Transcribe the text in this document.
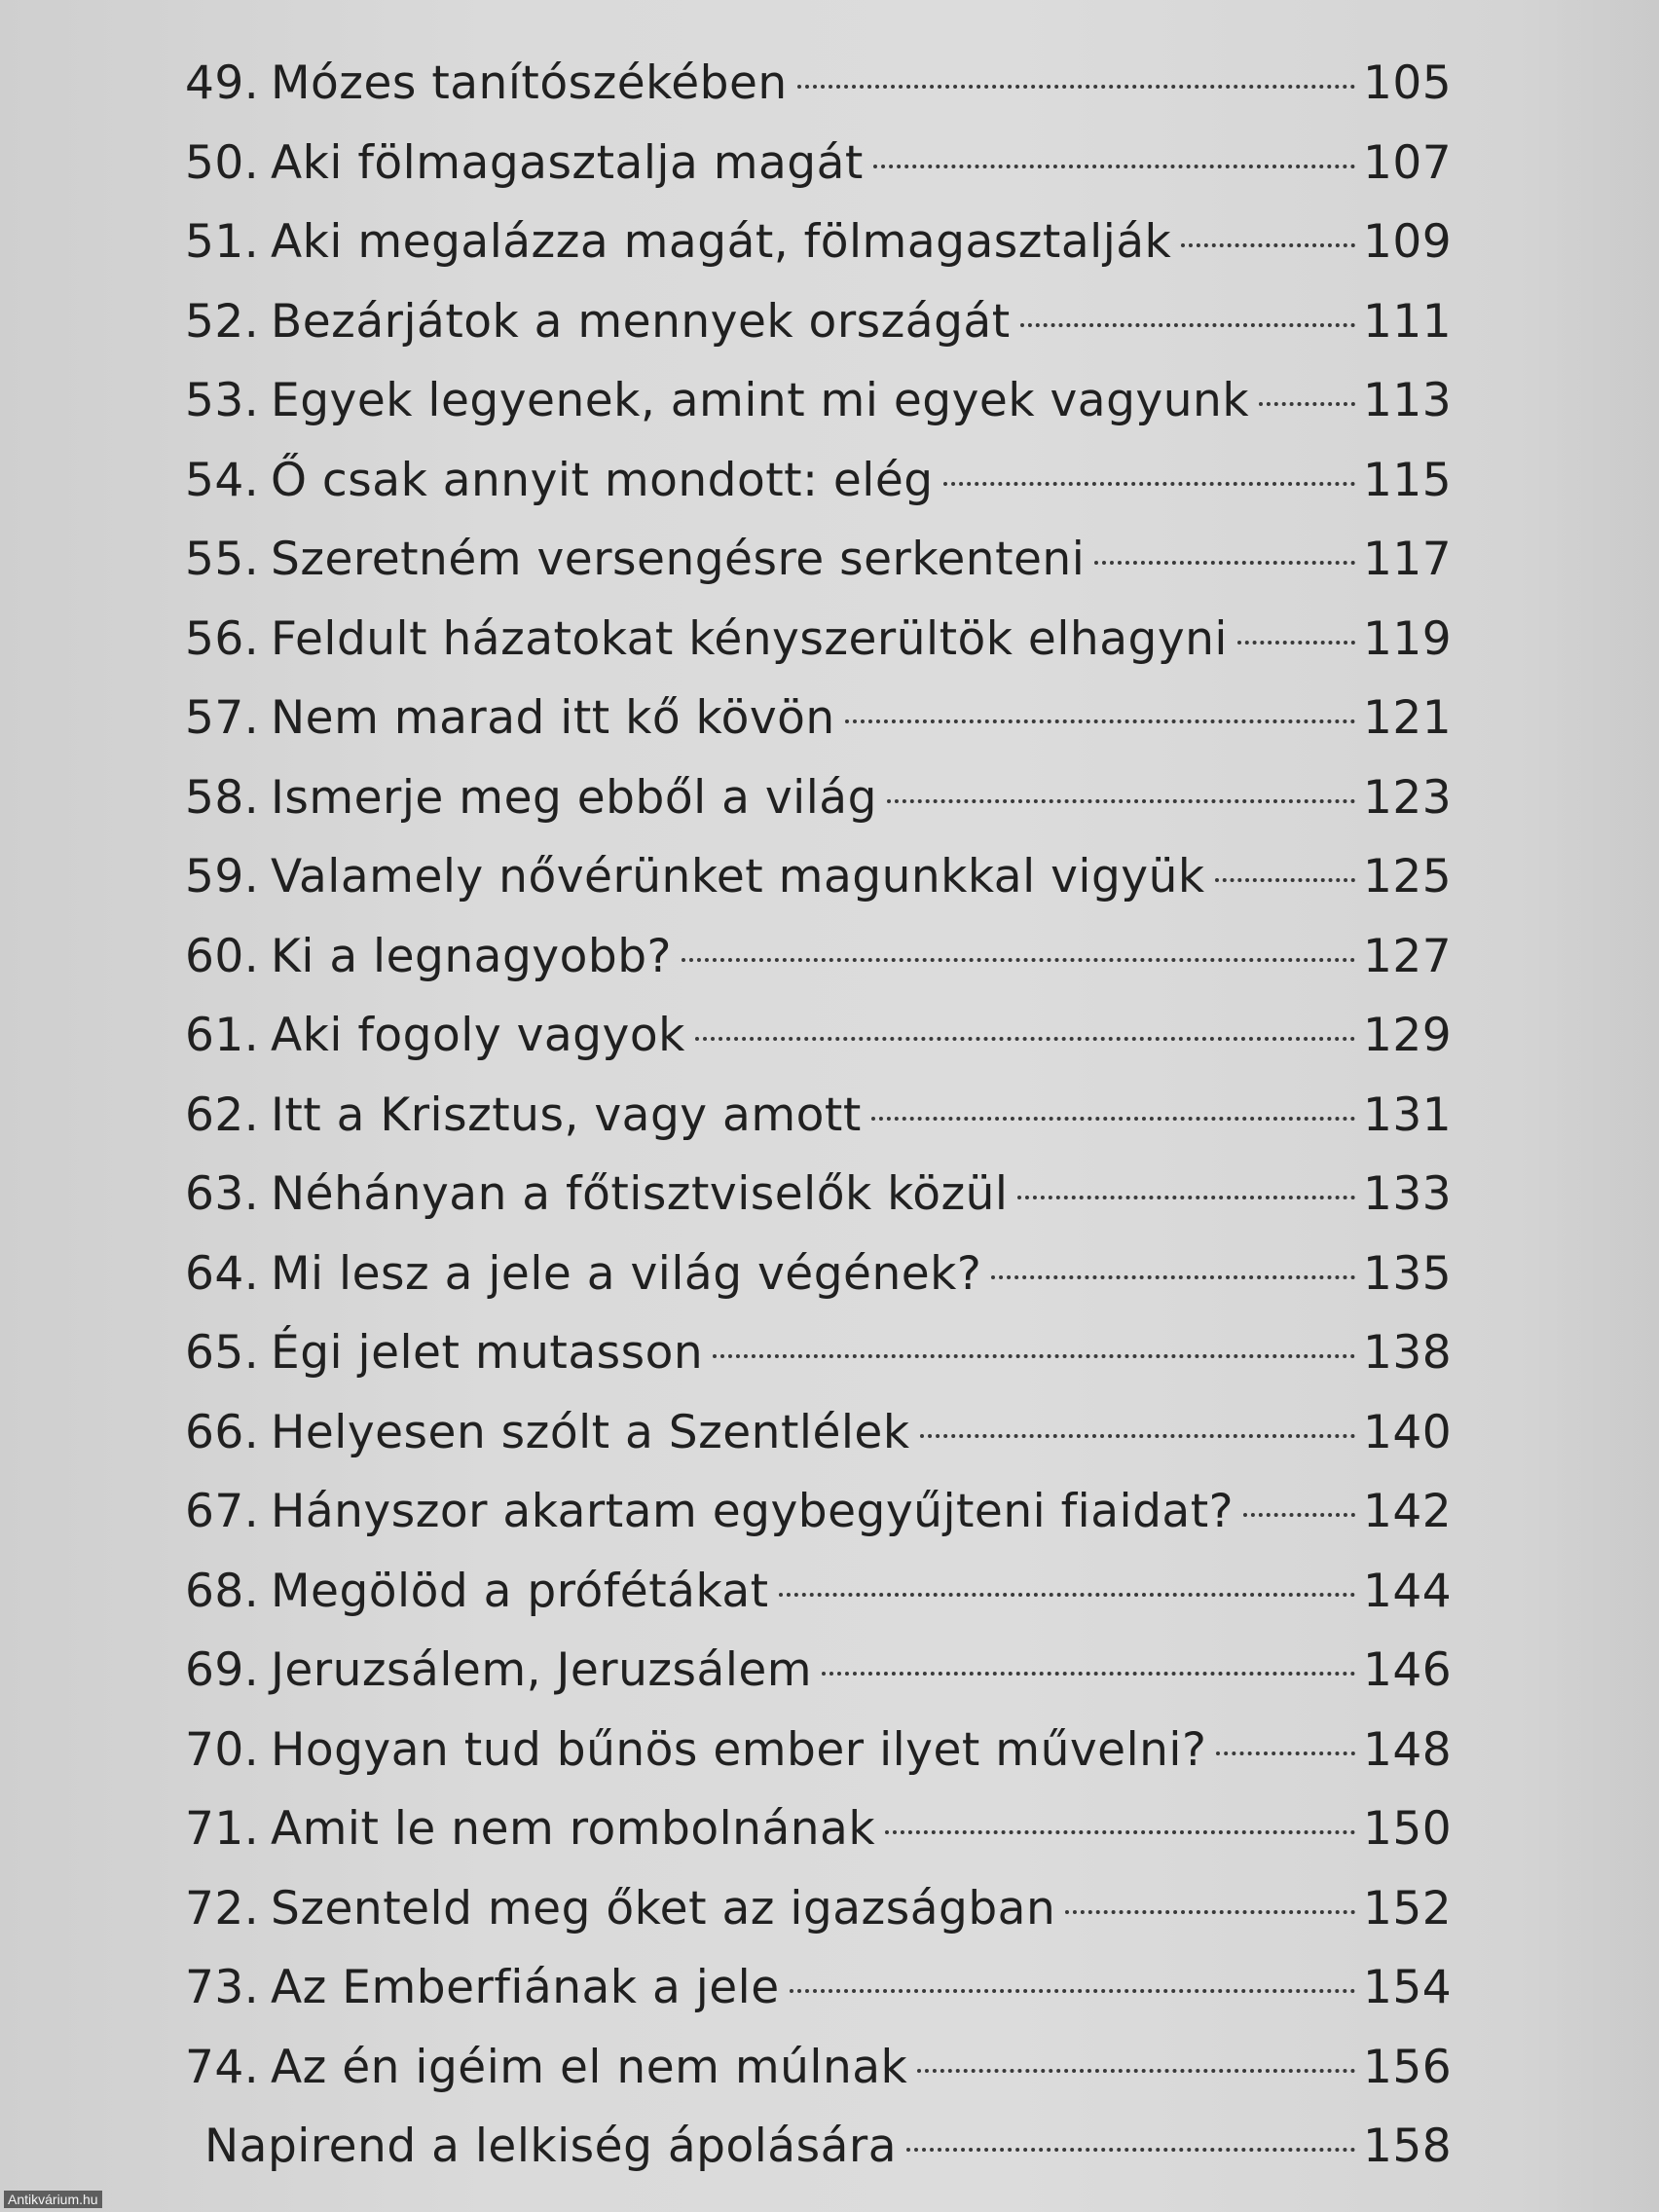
49. Mózes tanítószékében	105
50. Aki fölmagasztalja magát	107
51. Aki megalázza magát, fölmagasztalják	109
52. Bezárjátok a mennyek országát	111
53. Egyek legyenek, amint mi egyek vagyunk 113
54. Ő csak annyit mondott: elég	115
55. Szeretném versengésre serkenteni	117
56. Feldult házatokat kényszerültök elhagyni	119
57. Nem marad itt kő kövön	121
58. Ismerje meg ebből a világ	123
59. Valamely nővérünket magunkkal vigyük	125
60. Ki a legnagyobb?	127
61. Aki fogoly vagyok	129
62. Itt a Krisztus, vagy amott	131
63. Néhányan a főtisztviselők közül	133
64. Mi lesz a jele a világ végének?	135
65. Égi jelet mutasson	138
66. Helyesen szólt a Szentlélek	140
67. Hányszor akartam egybegyűjteni fiaidat?	142
68. Megölöd a prófétákat	144
69. Jeruzsálem, Jeruzsálem	146
70. Hogyan tud bűnös ember ilyet művelni?	148
71. Amit le nem rombolnának	150
72. Szenteld meg őket az igazságban	152
73. Az Emberfiának a jele	154
74. Az én igéim el nem múlnak	156
Napirend a lelkiség ápolására	158
Antikvárium.hu
